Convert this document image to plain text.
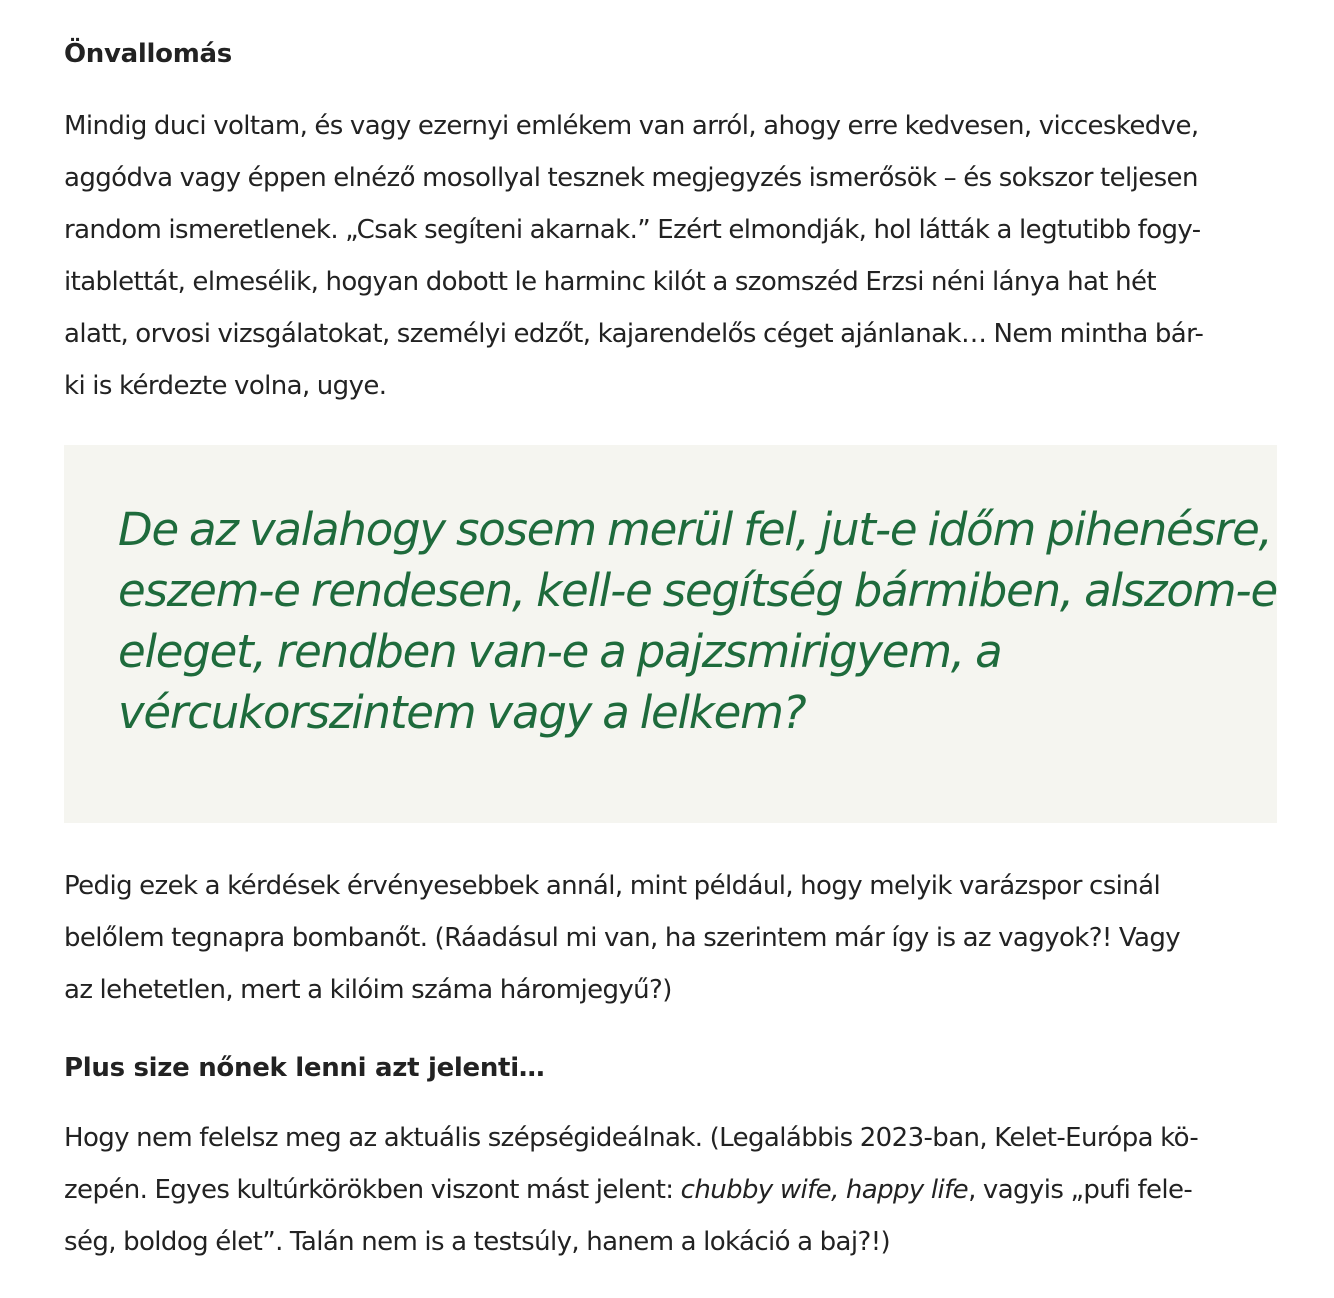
Önvallomás

Mindig duci voltam, és vagy ezernyi emlékem van arról, ahogy erre kedvesen, vicceskedve,
aggódva vagy éppen elnéző mosollyal tesznek megjegyzés ismerősök – és sokszor teljesen
random ismeretlenek. „Csak segíteni akarnak.” Ezért elmondják, hol látták a legtutibb fogy-
itablettát, elmesélik, hogyan dobott le harminc kilót a szomszéd Erzsi néni lánya hat hét
alatt, orvosi vizsgálatokat, személyi edzőt, kajarendelős céget ajánlanak… Nem mintha bár-
ki is kérdezte volna, ugye.

De az valahogy sosem merül fel, jut-e időm pihenésre,
eszem-e rendesen, kell-e segítség bármiben, alszom-e
eleget, rendben van-e a pajzsmirigyem, a
vércukorszintem vagy a lelkem?

Pedig ezek a kérdések érvényesebbek annál, mint például, hogy melyik varázspor csinál
belőlem tegnapra bombanőt. (Ráadásul mi van, ha szerintem már így is az vagyok?! Vagy
az lehetetlen, mert a kilóim száma háromjegyű?)

Plus size nőnek lenni azt jelenti…

Hogy nem felelsz meg az aktuális szépségideálnak. (Legalábbis 2023-ban, Kelet-Európa kö-
zepén. Egyes kultúrkörökben viszont mást jelent: chubby wife, happy life, vagyis „pufi fele-
ség, boldog élet”. Talán nem is a testsúly, hanem a lokáció a baj?!)
